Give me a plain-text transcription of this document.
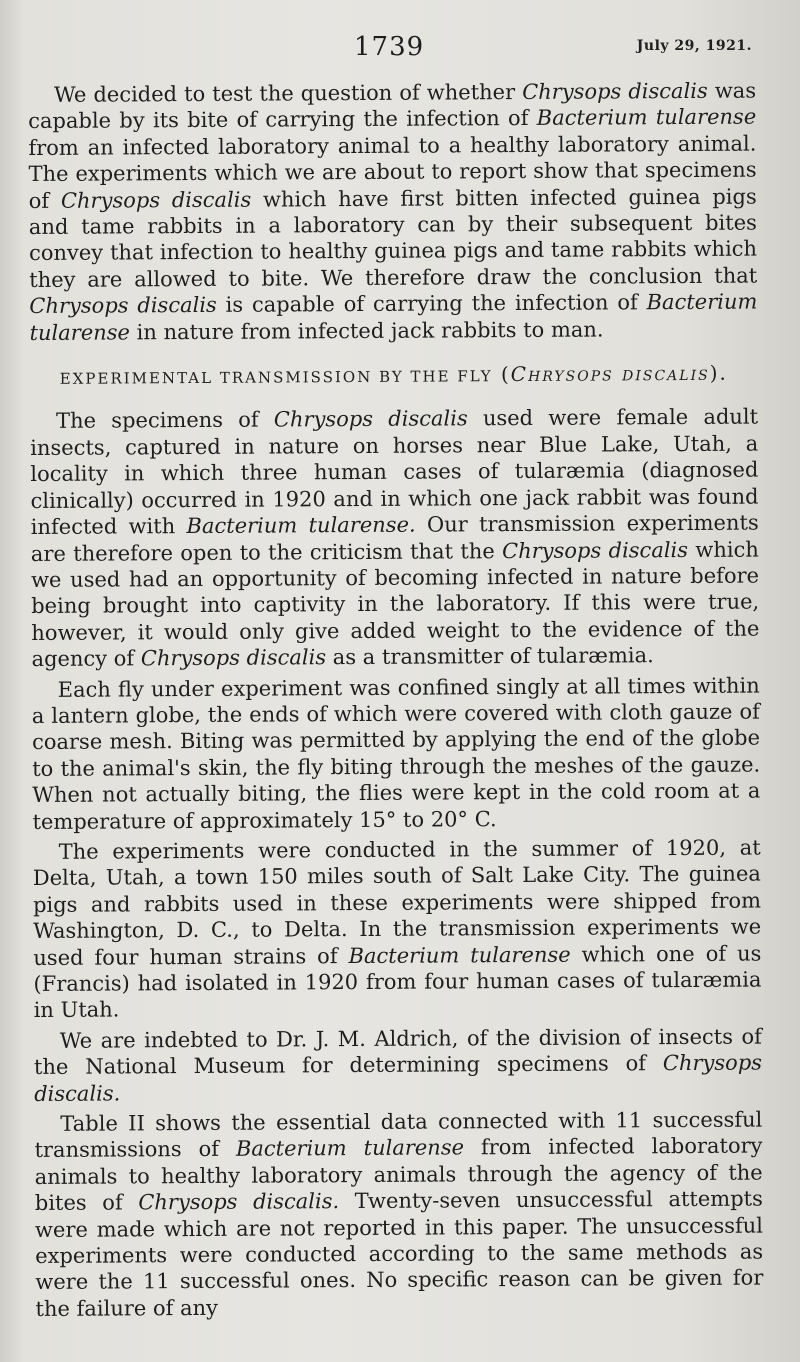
1739	July 29, 1921.

We decided to test the question of whether Chrysops discalis was capable by its bite of carrying the infection of Bacterium tularense from an infected laboratory animal to a healthy laboratory animal. The experiments which we are about to report show that specimens of Chrysops discalis which have first bitten infected guinea pigs and tame rabbits in a laboratory can by their subsequent bites convey that infection to healthy guinea pigs and tame rabbits which they are allowed to bite. We therefore draw the conclusion that Chrysops discalis is capable of carrying the infection of Bacterium tularense in nature from infected jack rabbits to man.

EXPERIMENTAL TRANSMISSION BY THE FLY (Chrysops discalis).

The specimens of Chrysops discalis used were female adult insects, captured in nature on horses near Blue Lake, Utah, a locality in which three human cases of tularæmia (diagnosed clinically) occurred in 1920 and in which one jack rabbit was found infected with Bacterium tularense. Our transmission experiments are therefore open to the criticism that the Chrysops discalis which we used had an opportunity of becoming infected in nature before being brought into captivity in the laboratory. If this were true, however, it would only give added weight to the evidence of the agency of Chrysops discalis as a transmitter of tularæmia.

Each fly under experiment was confined singly at all times within a lantern globe, the ends of which were covered with cloth gauze of coarse mesh. Biting was permitted by applying the end of the globe to the animal's skin, the fly biting through the meshes of the gauze. When not actually biting, the flies were kept in the cold room at a temperature of approximately 15° to 20° C.

The experiments were conducted in the summer of 1920, at Delta, Utah, a town 150 miles south of Salt Lake City. The guinea pigs and rabbits used in these experiments were shipped from Washington, D. C., to Delta. In the transmission experiments we used four human strains of Bacterium tularense which one of us (Francis) had isolated in 1920 from four human cases of tularæmia in Utah.

We are indebted to Dr. J. M. Aldrich, of the division of insects of the National Museum for determining specimens of Chrysops discalis.

Table II shows the essential data connected with 11 successful transmissions of Bacterium tularense from infected laboratory animals to healthy laboratory animals through the agency of the bites of Chrysops discalis. Twenty-seven unsuccessful attempts were made which are not reported in this paper. The unsuccessful experiments were conducted according to the same methods as were the 11 successful ones. No specific reason can be given for the failure of any
